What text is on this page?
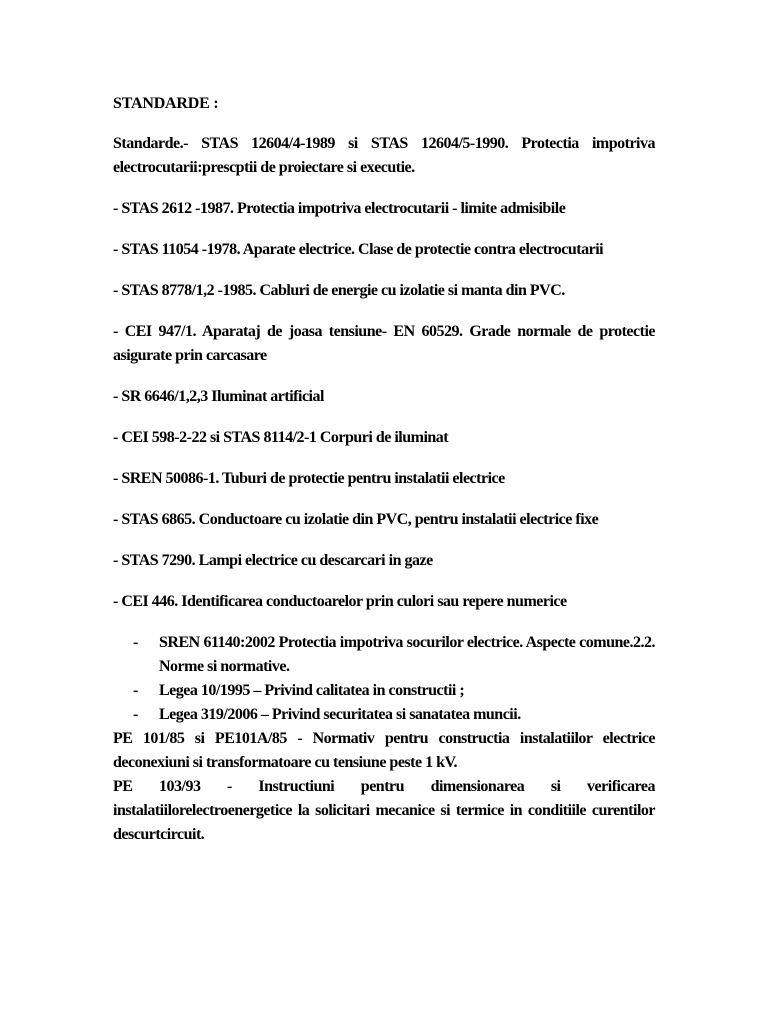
STANDARDE :
Standarde.- STAS 12604/4-1989 si STAS 12604/5-1990. Protectia impotriva electrocutarii:prescptii de proiectare si executie.
- STAS 2612 -1987. Protectia impotriva electrocutarii - limite admisibile
- STAS 11054 -1978. Aparate electrice. Clase de protectie contra electrocutarii
- STAS 8778/1,2 -1985. Cabluri de energie cu izolatie si manta din PVC.
- CEI 947/1. Aparataj de joasa tensiune- EN 60529. Grade normale de protectie asigurate prin carcasare
- SR 6646/1,2,3 Iluminat artificial
- CEI 598-2-22 si STAS 8114/2-1 Corpuri de iluminat
- SREN 50086-1. Tuburi de protectie pentru instalatii electrice
- STAS 6865. Conductoare cu izolatie din PVC, pentru instalatii electrice fixe
- STAS 7290. Lampi electrice cu descarcari in gaze
- CEI 446. Identificarea conductoarelor prin culori sau repere numerice
- SREN 61140:2002 Protectia impotriva socurilor electrice. Aspecte comune.2.2. Norme si normative.
- Legea 10/1995 – Privind calitatea in constructii ;
- Legea 319/2006 – Privind securitatea si sanatatea muncii.
PE 101/85 si PE101A/85 - Normativ pentru constructia instalatiilor electrice deconexiuni si transformatoare cu tensiune peste 1 kV.
PE 103/93 - Instructiuni pentru dimensionarea si verificarea instalatiilorelectroenergetice la solicitari mecanice si termice in conditiile curentilor descurtcircuit.
